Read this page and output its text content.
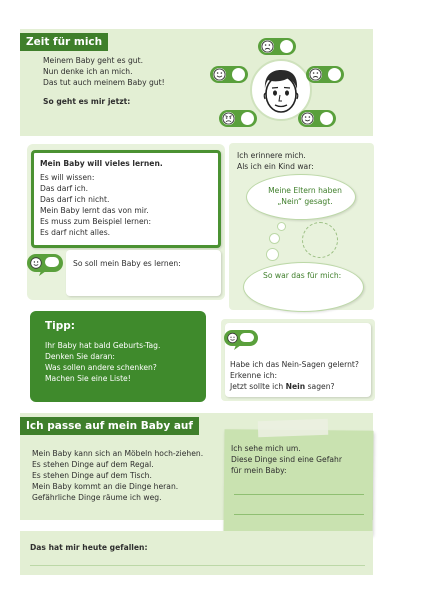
Zeit für mich
Meinem Baby geht es gut.
Nun denke ich an mich.
Das tut auch meinem Baby gut!
So geht es mir jetzt:
Mein Baby will vieles lernen.
Es will wissen:
Das darf ich.
Das darf ich nicht.
Mein Baby lernt das von mir.
Es muss zum Beispiel lernen:
Es darf nicht alles.
So soll mein Baby es lernen:
Ich erinnere mich.
Als ich ein Kind war:
Meine Eltern haben „Nein“ gesagt.
So war das für mich:
Tipp:
Ihr Baby hat bald Geburts-Tag.
Denken Sie daran:
Was sollen andere schenken?
Machen Sie eine Liste!
Habe ich das Nein-Sagen gelernt?
Erkenne ich:
Jetzt sollte ich Nein sagen?
Ich passe auf mein Baby auf
Mein Baby kann sich an Möbeln hoch-ziehen.
Es stehen Dinge auf dem Regal.
Es stehen Dinge auf dem Tisch.
Mein Baby kommt an die Dinge heran.
Gefährliche Dinge räume ich weg.
Ich sehe mich um.
Diese Dinge sind eine Gefahr
für mein Baby:
Das hat mir heute gefallen:
